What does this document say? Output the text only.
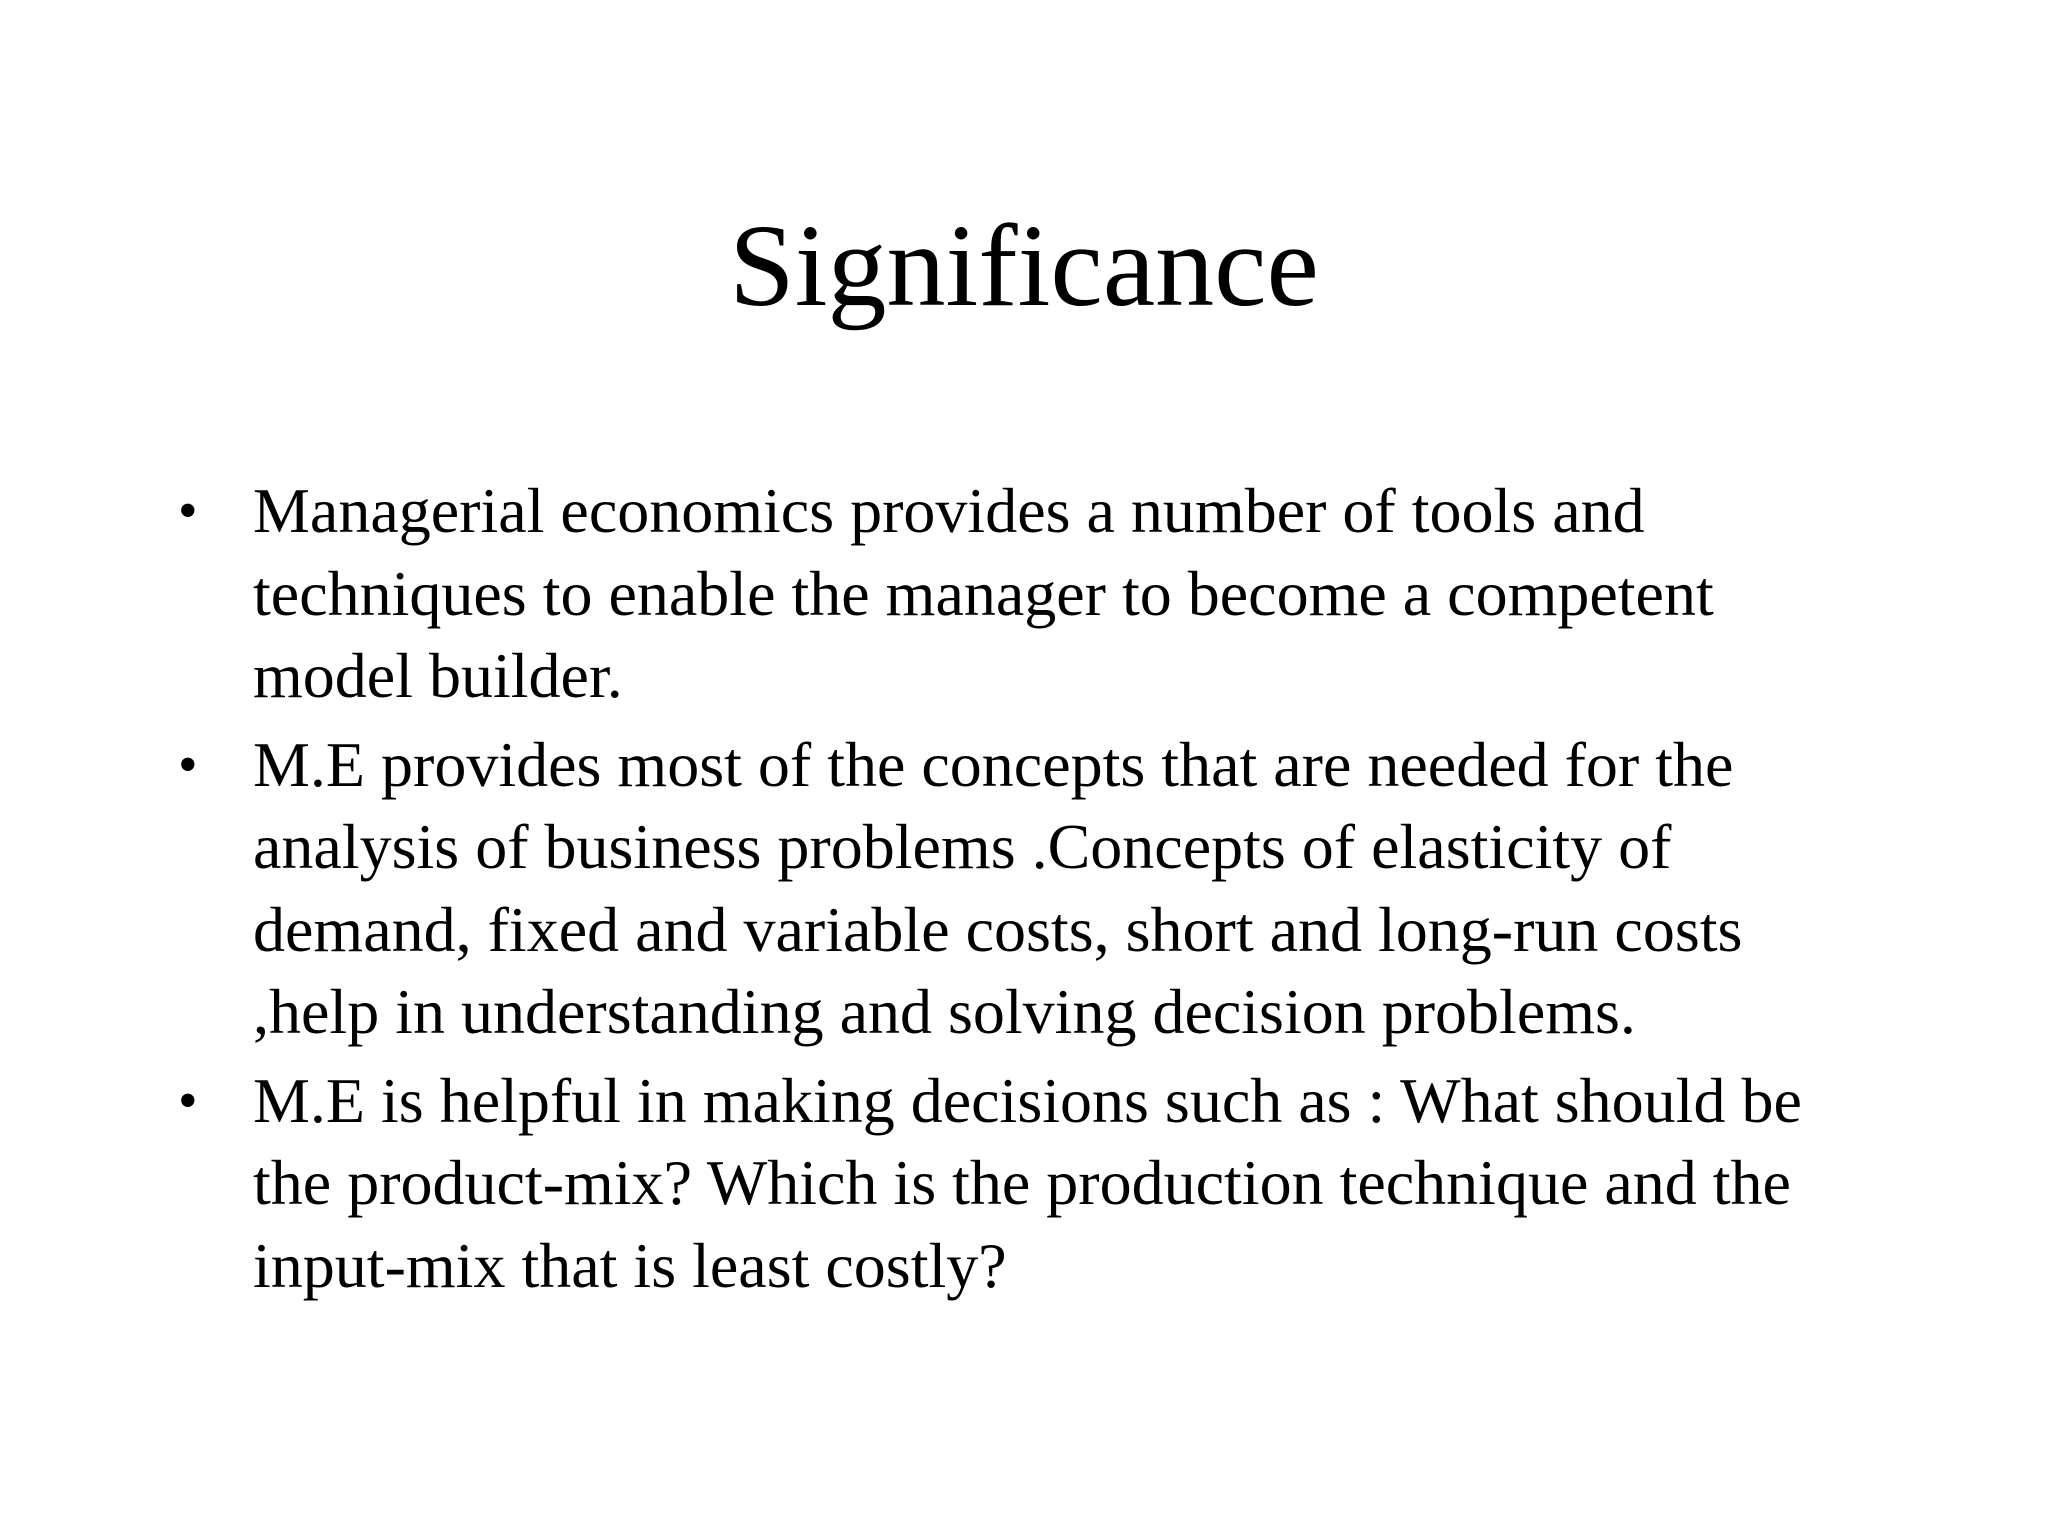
Significance
• Managerial economics provides a number of tools and techniques to enable the manager to become a competent model builder.
• M.E provides most of the concepts that are needed for the analysis of business problems .Concepts of elasticity of demand, fixed and variable costs, short and long-run costs ,help in understanding and solving decision problems.
• M.E is helpful in making decisions such as : What should be the product-mix? Which is the production technique and the input-mix that is least costly?
